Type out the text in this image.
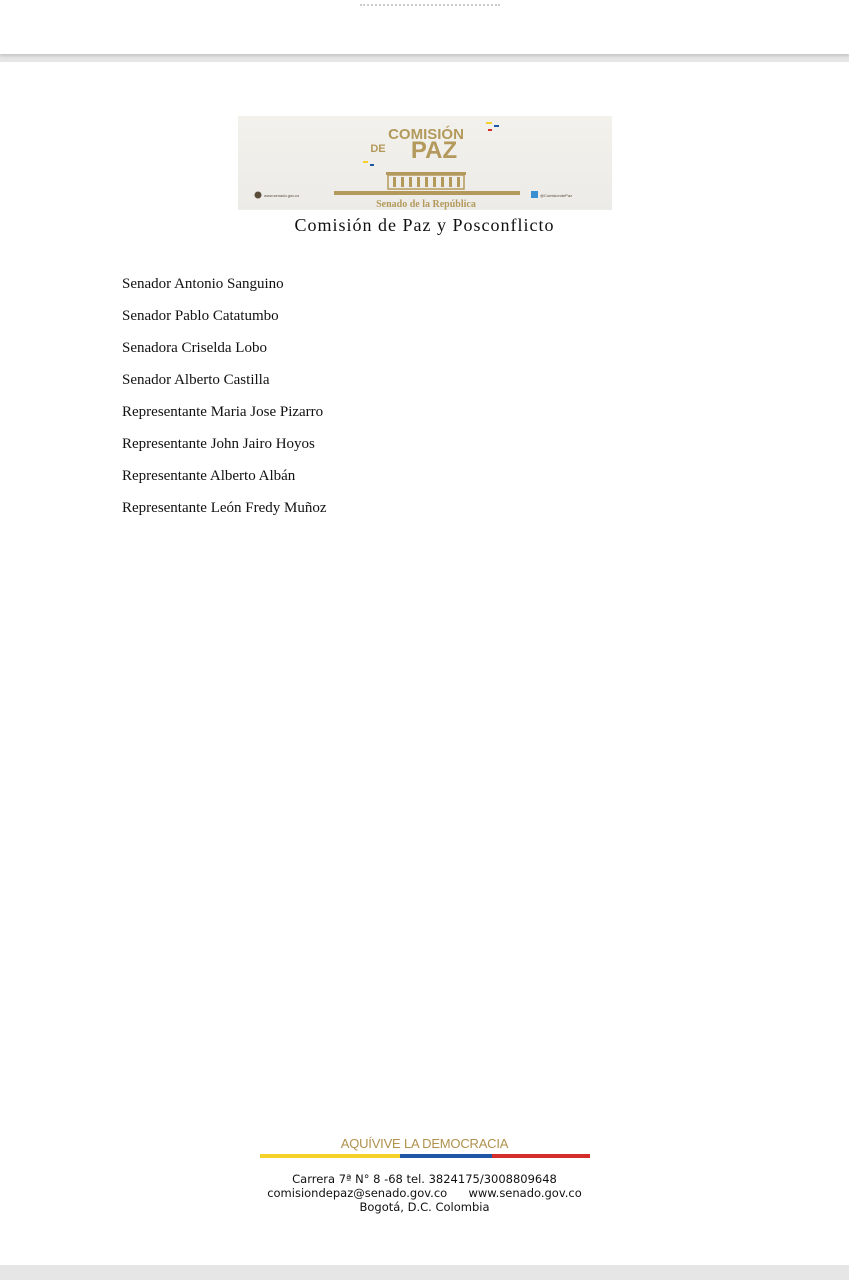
COMISIÓN
DE PAZ
www.senado.gov.co	@ComisiondePaz
Senado de la República
Comisión de Paz y Posconflicto
Senador Antonio Sanguino
Senador Pablo Catatumbo
Senadora Criselda Lobo
Senador Alberto Castilla
Representante Maria Jose Pizarro
Representante John Jairo Hoyos
Representante Alberto Albán
Representante León Fredy Muñoz
AQUÍVIVE LA DEMOCRACIA
Carrera 7ª N° 8 -68 tel. 3824175/3008809648
comisiondepaz@senado.gov.co www.senado.gov.co
Bogotá, D.C. Colombia
